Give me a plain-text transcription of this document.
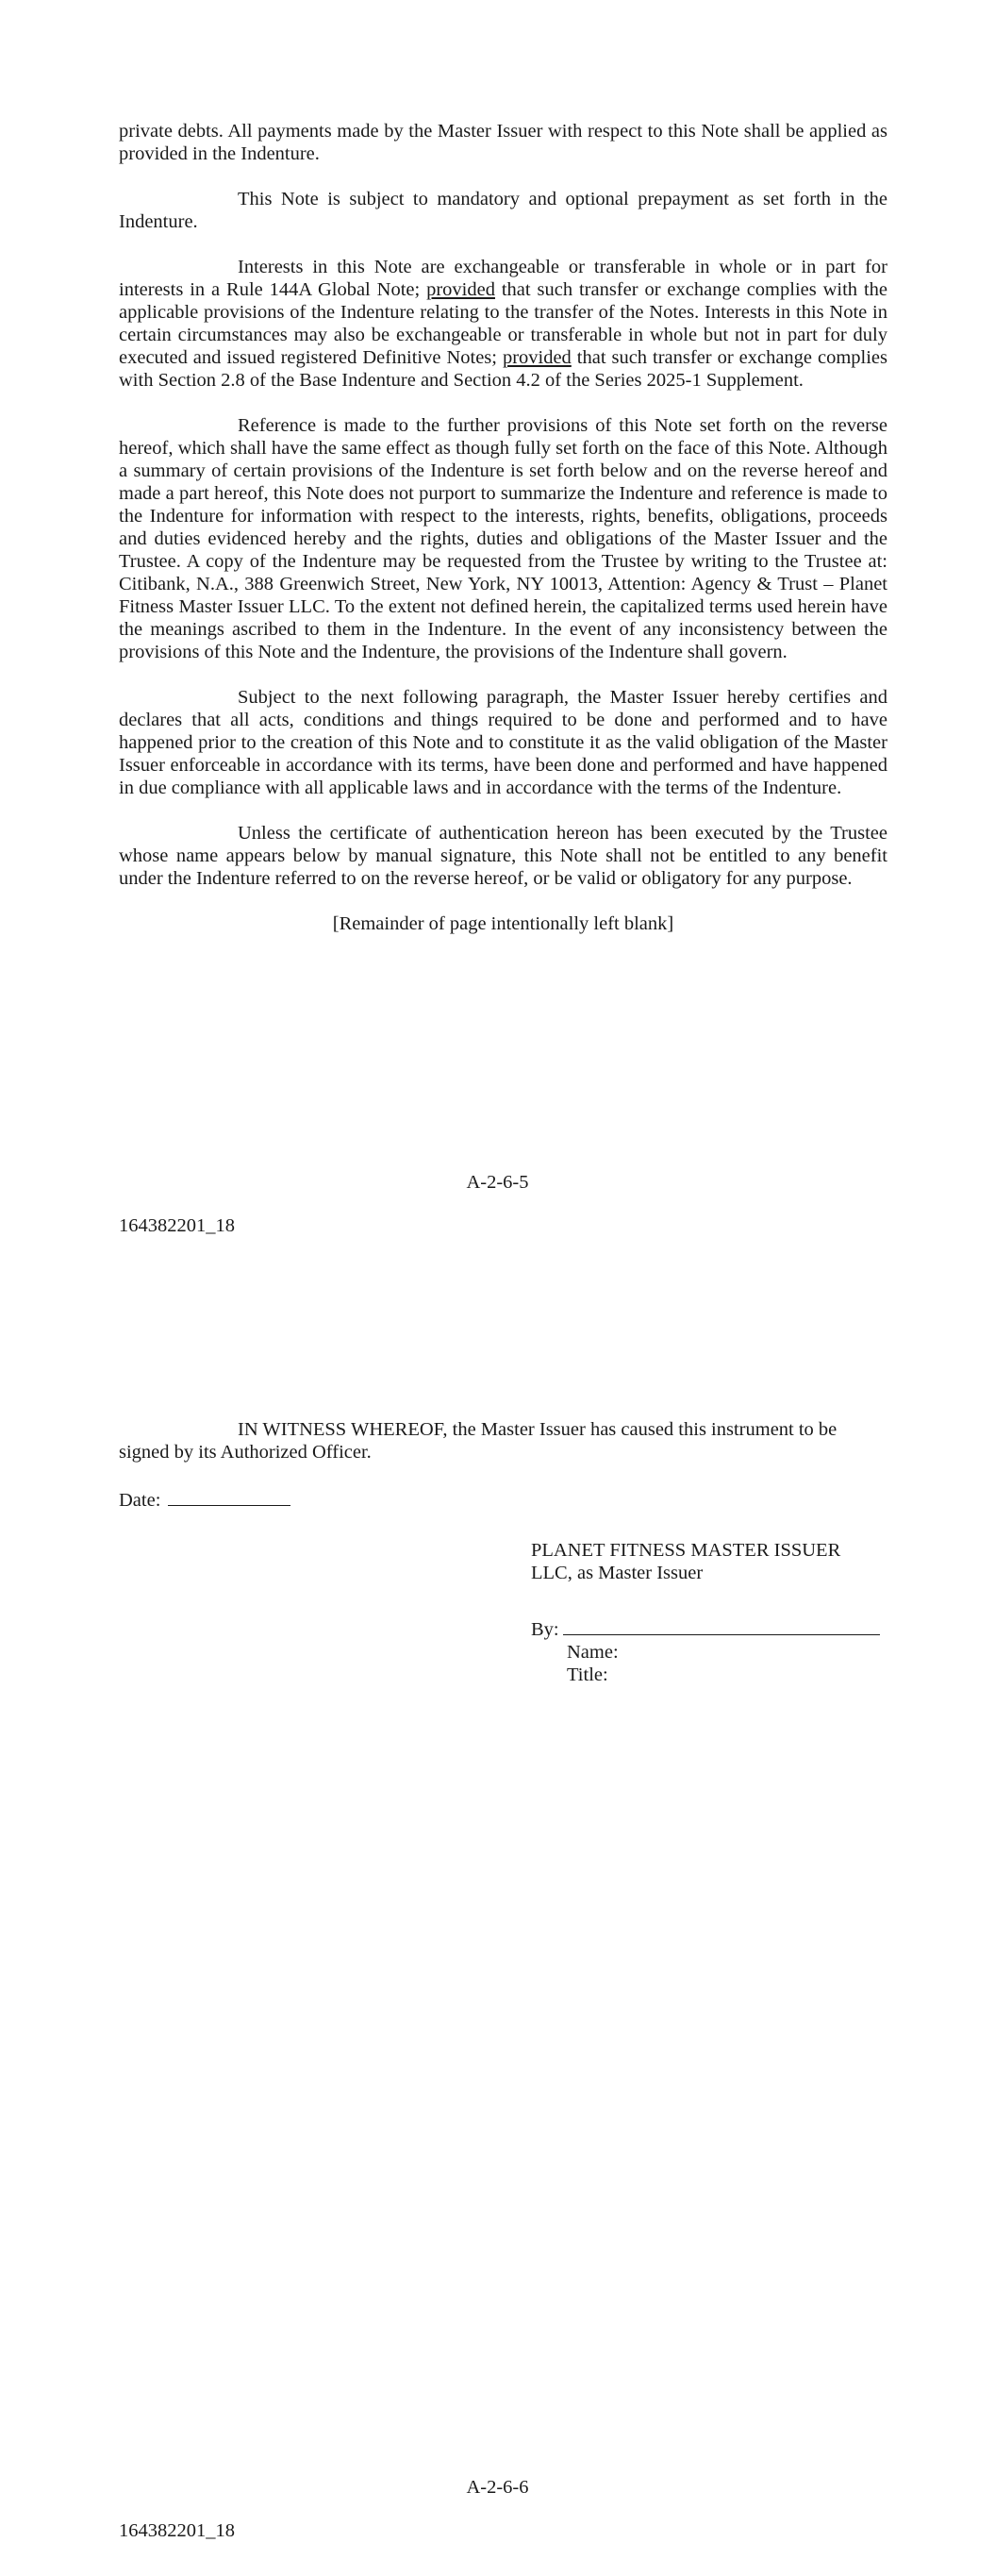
private debts. All payments made by the Master Issuer with respect to this Note shall be applied as provided in the Indenture.

This Note is subject to mandatory and optional prepayment as set forth in the Indenture.

Interests in this Note are exchangeable or transferable in whole or in part for interests in a Rule 144A Global Note; provided that such transfer or exchange complies with the applicable provisions of the Indenture relating to the transfer of the Notes. Interests in this Note in certain circumstances may also be exchangeable or transferable in whole but not in part for duly executed and issued registered Definitive Notes; provided that such transfer or exchange complies with Section 2.8 of the Base Indenture and Section 4.2 of the Series 2025-1 Supplement.

Reference is made to the further provisions of this Note set forth on the reverse hereof, which shall have the same effect as though fully set forth on the face of this Note. Although a summary of certain provisions of the Indenture is set forth below and on the reverse hereof and made a part hereof, this Note does not purport to summarize the Indenture and reference is made to the Indenture for information with respect to the interests, rights, benefits, obligations, proceeds and duties evidenced hereby and the rights, duties and obligations of the Master Issuer and the Trustee. A copy of the Indenture may be requested from the Trustee by writing to the Trustee at: Citibank, N.A., 388 Greenwich Street, New York, NY 10013, Attention: Agency & Trust – Planet Fitness Master Issuer LLC. To the extent not defined herein, the capitalized terms used herein have the meanings ascribed to them in the Indenture. In the event of any inconsistency between the provisions of this Note and the Indenture, the provisions of the Indenture shall govern.

Subject to the next following paragraph, the Master Issuer hereby certifies and declares that all acts, conditions and things required to be done and performed and to have happened prior to the creation of this Note and to constitute it as the valid obligation of the Master Issuer enforceable in accordance with its terms, have been done and performed and have happened in due compliance with all applicable laws and in accordance with the terms of the Indenture.

Unless the certificate of authentication hereon has been executed by the Trustee whose name appears below by manual signature, this Note shall not be entitled to any benefit under the Indenture referred to on the reverse hereof, or be valid or obligatory for any purpose.

[Remainder of page intentionally left blank]

A-2-6-5
164382201_18

IN WITNESS WHEREOF, the Master Issuer has caused this instrument to be signed by its Authorized Officer.

Date:
PLANET FITNESS MASTER ISSUER
LLC, as Master Issuer
By:
Name:
Title:
A-2-6-6
164382201_18
